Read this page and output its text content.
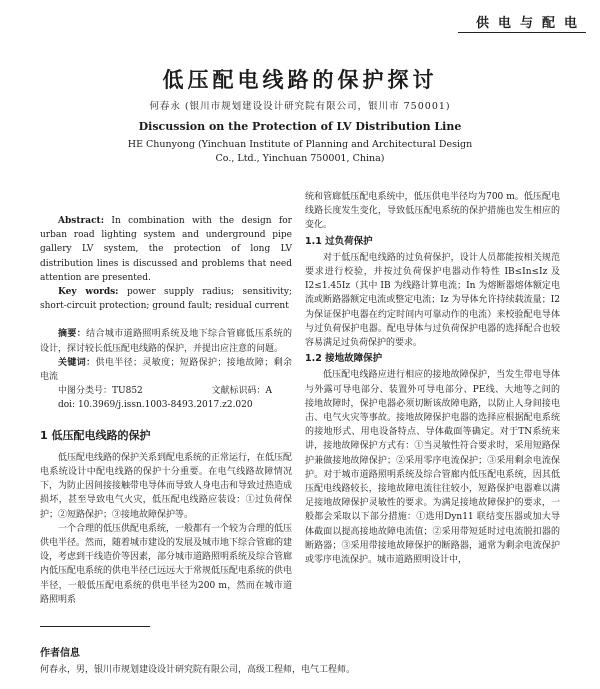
供电与配电
低压配电线路的保护探讨
何春永 (银川市规划建设设计研究院有限公司，银川市 750001)
Discussion on the Protection of LV Distribution Line
HE Chunyong (Yinchuan Institute of Planning and Architectural Design
Co., Ltd., Yinchuan 750001, China)

Abstract: In combination with the design for urban road lighting system and underground pipe gallery LV system, the protection of long LV distribution lines is discussed and problems that need attention are presented.

Key words: power supply radius; sensitivity; short-circuit protection; ground fault; residual current

摘要：结合城市道路照明系统及地下综合管廊低压系统的设计，探讨较长低压配电线路的保护，并提出应注意的问题。

关键词：供电半径；灵敏度；短路保护；接地故障；剩余电流

中图分类号：TU852	文献标识码：A

doi: 10.3969/j.issn.1003-8493.2017.z2.020

1 低压配电线路的保护

低压配电线路的保护关系到配电系统的正常运行，在低压配电系统设计中配电线路的保护十分重要。在电气线路故障情况下，为防止因间接接触带电导体而导致人身电击和导致过热造成损坏，甚至导致电气火灾，低压配电线路应装设：①过负荷保护；②短路保护；③接地故障保护等。

一个合理的低压供配电系统，一般都有一个较为合理的低压供电半径。然而，随着城市建设的发展及城市地下综合管廊的建设，考虑到干线造价等因素，部分城市道路照明系统及综合管廊内低压配电系统的供电半径已远远大于常规低压配电系统的供电半径，一般低压配电系统的供电半径为200 m，然而在城市道路照明系

统和管廊低压配电系统中，低压供电半径均为700 m。低压配电线路长度发生变化，导致低压配电系统的保护措施也发生相应的变化。

1.1 过负荷保护

对于低压配电线路的过负荷保护，设计人员都能按相关规范要求进行校验，并按过负荷保护电器动作特性 IB≤In≤Iz 及 I2≤1.45Iz（其中 IB 为线路计算电流；In 为熔断器熔体额定电流或断路器额定电流或整定电流；Iz 为导体允许持续载流量；I2 为保证保护电器在约定时间内可靠动作的电流）来校验配电导体与过负荷保护电器。配电导体与过负荷保护电器的选择配合也较容易满足过负荷保护的要求。

1.2 接地故障保护

低压配电线路应进行相应的接地故障保护，当发生带电导体与外露可导电部分、装置外可导电部分、PE线、大地等之间的接地故障时，保护电器必须切断该故障电路，以防止人身间接电击、电气火灾等事故。接地故障保护电器的选择应根据配电系统的接地形式、用电设备特点、导体截面等确定。对于TN系统来讲，接地故障保护方式有：①当灵敏性符合要求时，采用短路保护兼做接地故障保护；②采用零序电流保护；③采用剩余电流保护。对于城市道路照明系统及综合管廊内低压配电系统，因其低压配电线路较长，接地故障电流往往较小，短路保护电器难以满足接地故障保护灵敏性的要求。为满足接地故障保护的要求，一般都会采取以下部分措施：①选用Dyn11 联结变压器或加大导体截面以提高接地故障电流值；②采用带短延时过电流脱扣器的断路器；③采用带接地故障保护的断路器，通常为剩余电流保护或零序电流保护。城市道路照明设计中，

作者信息
何春永，男，银川市规划建设设计研究院有限公司，高级工程师，电气工程师。
